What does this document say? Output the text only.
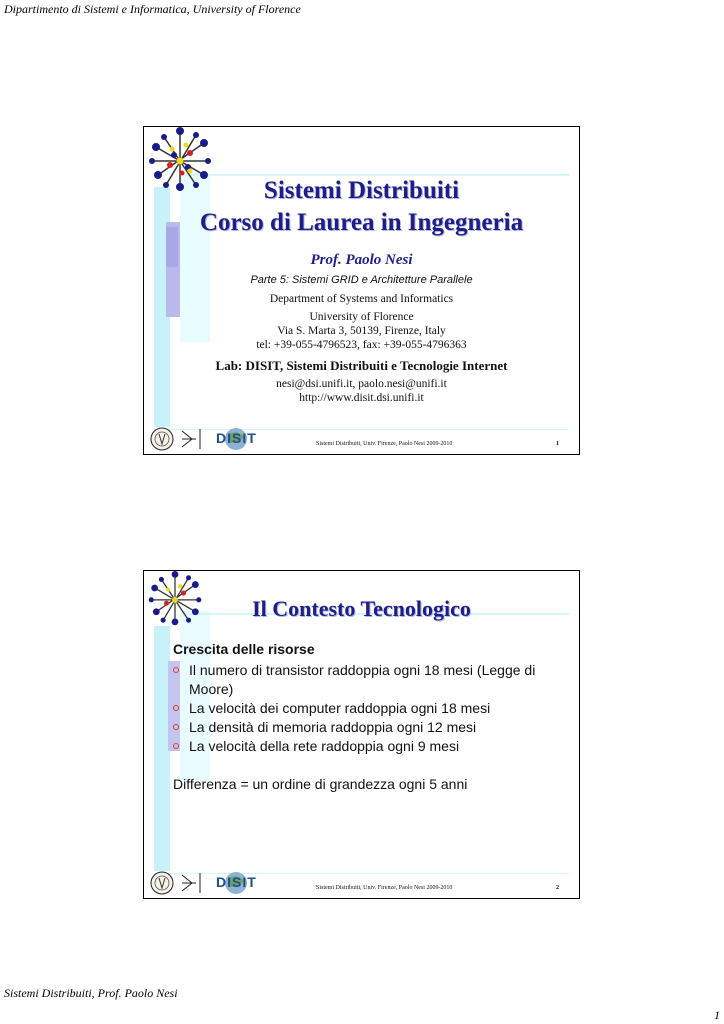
Dipartimento di Sistemi e Informatica, University of Florence
Sistemi Distribuiti
Corso di Laurea in Ingegneria
Prof. Paolo Nesi
Parte 5: Sistemi GRID e Architetture Parallele
Department of Systems and Informatics
University of Florence
Via S. Marta 3, 50139, Firenze, Italy
tel: +39-055-4796523, fax: +39-055-4796363
Lab: DISIT, Sistemi Distribuiti e Tecnologie Internet
nesi@dsi.unifi.it, paolo.nesi@unifi.it
http://www.disit.dsi.unifi.it
DISIT	Sistemi Distribuiti, Univ. Firenze, Paolo Nesi 2009-2010	1
Il Contesto Tecnologico
Crescita delle risorse
Il numero di transistor raddoppia ogni 18 mesi (Legge di Moore)
La velocità dei computer raddoppia ogni 18 mesi
La densità di memoria raddoppia ogni 12 mesi
La velocità della rete raddoppia ogni 9 mesi
Differenza = un ordine di grandezza ogni 5 anni
DISIT	Sistemi Distribuiti, Univ. Firenze, Paolo Nesi 2009-2010	2
Sistemi Distribuiti, Prof. Paolo Nesi
1
